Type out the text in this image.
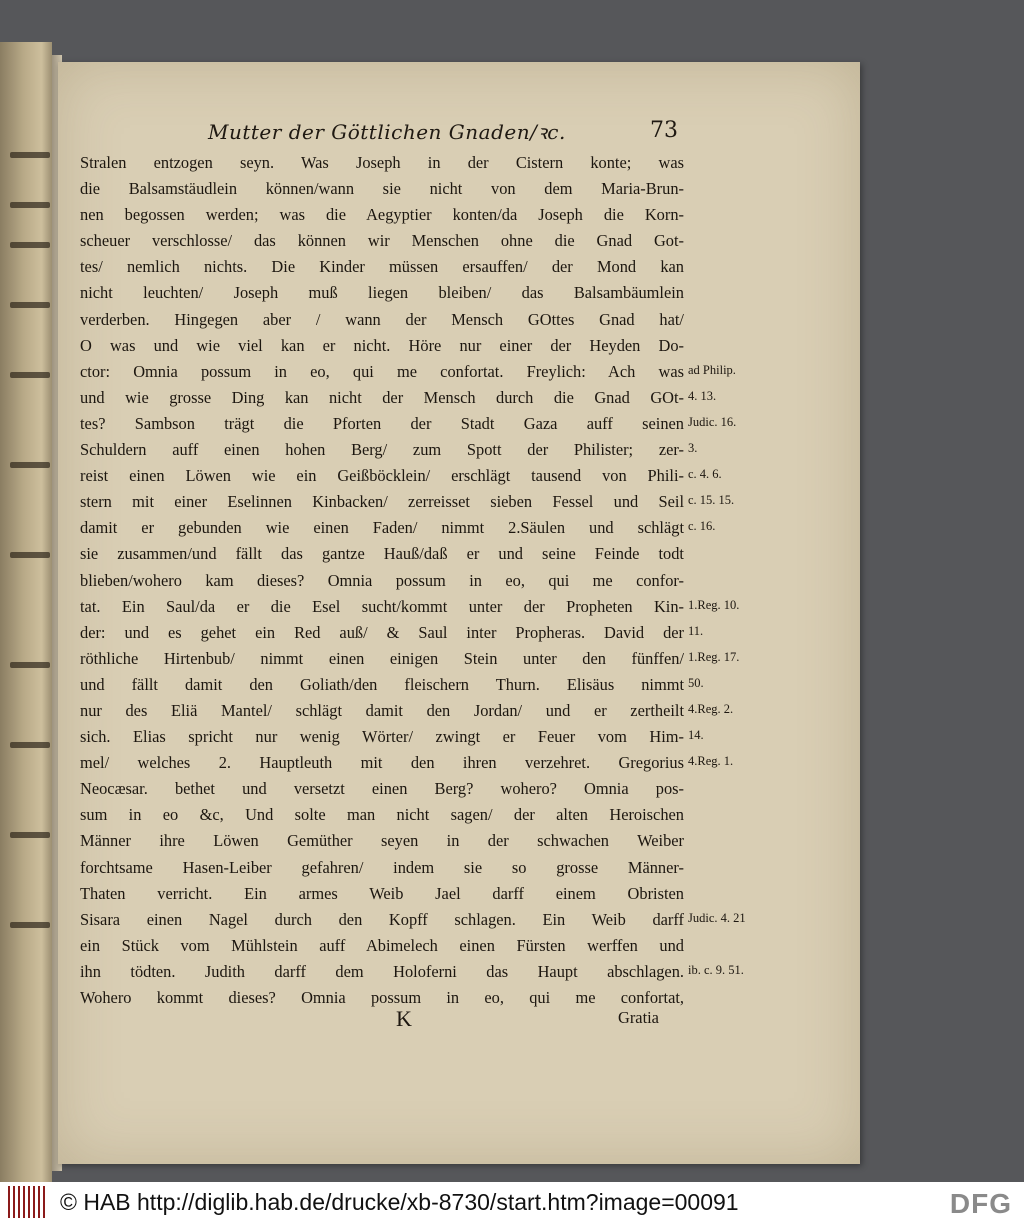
Mutter der Göttlichen Gnaden/ꝛc.	73
Stralen entzogen seyn. Was Joseph in der Cistern konte; was
die Balsamstäudlein können/wann sie nicht von dem Maria-Brun-
nen begossen werden; was die Aegyptier konten/da Joseph die Korn-
scheuer verschlosse/ das können wir Menschen ohne die Gnad Got-
tes/ nemlich nichts. Die Kinder müssen ersauffen/ der Mond kan
nicht leuchten/ Joseph muß liegen bleiben/ das Balsambäumlein
verderben. Hingegen aber / wann der Mensch GOttes Gnad hat/
O was und wie viel kan er nicht. Höre nur einer der Heyden Do-
ctor: Omnia possum in eo, qui me confortat. Freylich: Ach was
und wie grosse Ding kan nicht der Mensch durch die Gnad GOt-
tes? Sambson trägt die Pforten der Stadt Gaza auff seinen
Schuldern auff einen hohen Berg/ zum Spott der Philister; zer-
reist einen Löwen wie ein Geißböcklein/ erschlägt tausend von Phili-
stern mit einer Eselinnen Kinbacken/ zerreisset sieben Fessel und Seil
damit er gebunden wie einen Faden/ nimmt 2.Säulen und schlägt
sie zusammen/und fällt das gantze Hauß/daß er und seine Feinde todt
blieben/wohero kam dieses? Omnia possum in eo, qui me confor-
tat. Ein Saul/da er die Esel sucht/kommt unter der Propheten Kin-
der: und es gehet ein Red auß/ & Saul inter Propheras. David der
röthliche Hirtenbub/ nimmt einen einigen Stein unter den fünffen/
und fällt damit den Goliath/den fleischern Thurn. Elisäus nimmt
nur des Eliä Mantel/ schlägt damit den Jordan/ und er zertheilt
sich. Elias spricht nur wenig Wörter/ zwingt er Feuer vom Him-
mel/ welches 2. Hauptleuth mit den ihren verzehret. Gregorius
Neocæsar. bethet und versetzt einen Berg? wohero? Omnia pos-
sum in eo &c, Und solte man nicht sagen/ der alten Heroischen
Männer ihre Löwen Gemüther seyen in der schwachen Weiber
forchtsame Hasen-Leiber gefahren/ indem sie so grosse Männer-
Thaten verricht. Ein armes Weib Jael darff einem Obristen
Sisara einen Nagel durch den Kopff schlagen. Ein Weib darff
ein Stück vom Mühlstein auff Abimelech einen Fürsten werffen und
ihn tödten. Judith darff dem Holoferni das Haupt abschlagen.
Wohero kommt dieses? Omnia possum in eo, qui me confortat,
ad Philip.
4. 13.
Judic. 16.
3.
c. 4. 6.
c. 15. 15.
c. 16.
1.Reg. 10.
11.
1.Reg. 17.
50.
4.Reg. 2.
14.
4.Reg. 1.
Judic. 4. 21
ib. c. 9. 51.
K	Gratia
© HAB http://diglib.hab.de/drucke/xb-8730/start.htm?image=00091	DFG
